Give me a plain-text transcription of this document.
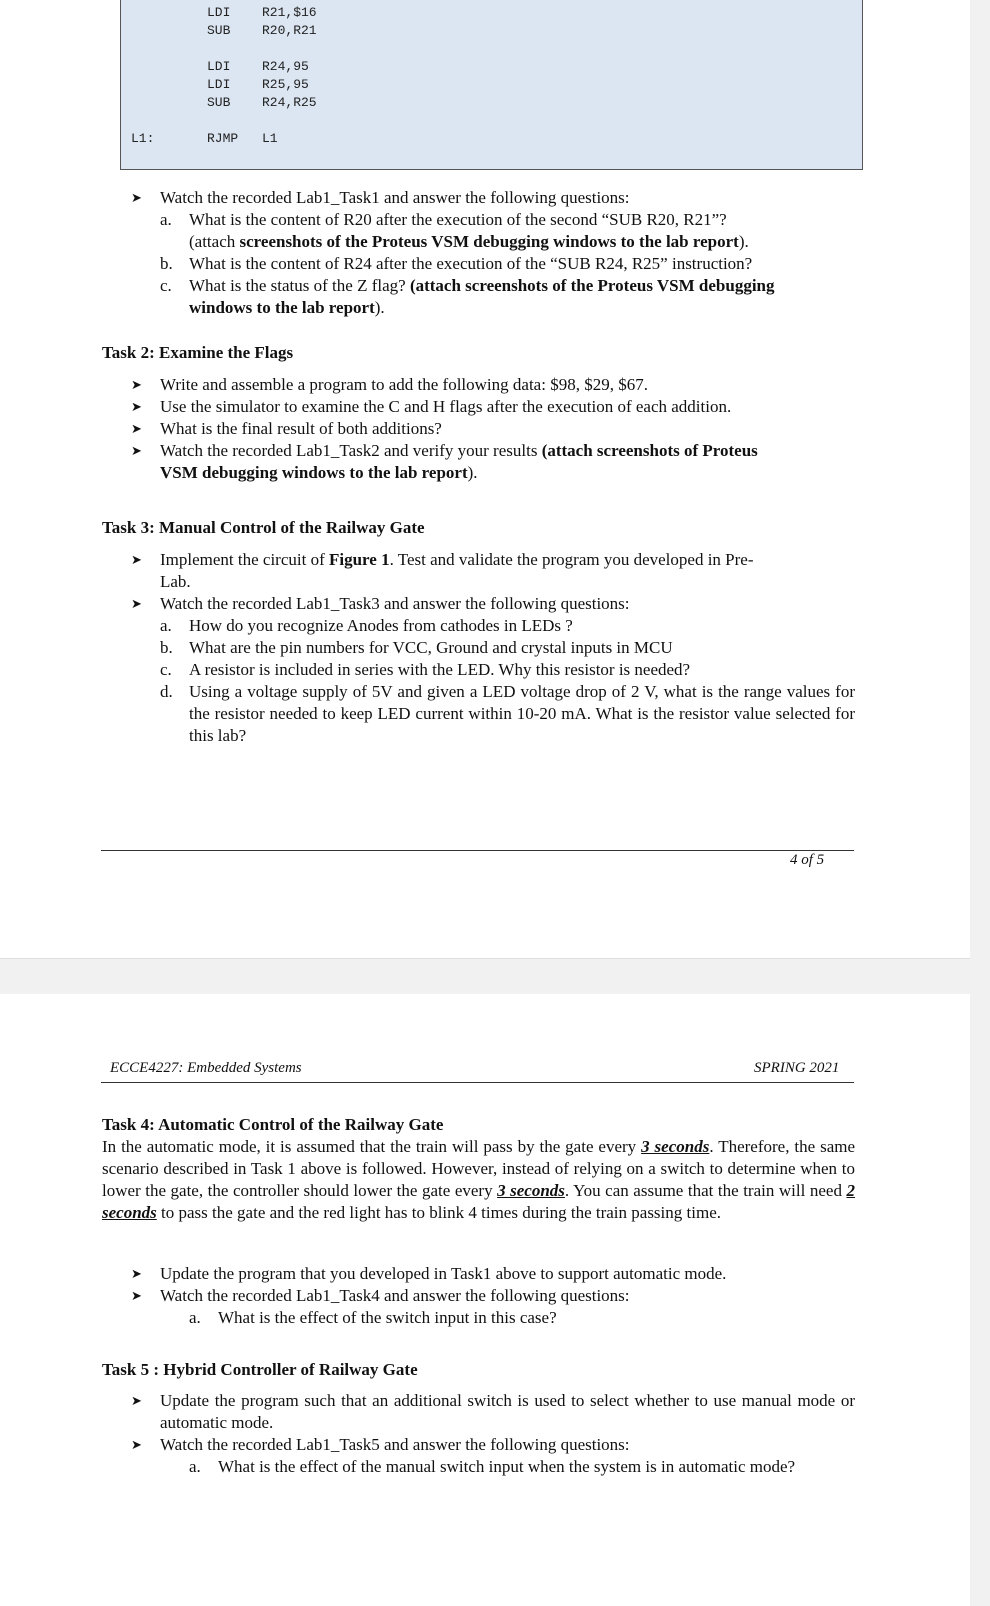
LDI R21,$16
SUB R20,R21
LDI R24,95
LDI R25,95
SUB R24,R25
L1:	RJMP L1
➤ Watch the recorded Lab1_Task1 and answer the following questions:
a. What is the content of R20 after the execution of the second “SUB R20, R21”?
(attach screenshots of the Proteus VSM debugging windows to the lab report).
b. What is the content of R24 after the execution of the “SUB R24, R25” instruction?
c. What is the status of the Z flag? (attach screenshots of the Proteus VSM debugging
windows to the lab report).
Task 2: Examine the Flags
➤ Write and assemble a program to add the following data: $98, $29, $67.
➤ Use the simulator to examine the C and H flags after the execution of each addition.
➤ What is the final result of both additions?
➤ Watch the recorded Lab1_Task2 and verify your results (attach screenshots of Proteus
VSM debugging windows to the lab report).
Task 3: Manual Control of the Railway Gate
➤ Implement the circuit of Figure 1. Test and validate the program you developed in Pre-
Lab.
➤ Watch the recorded Lab1_Task3 and answer the following questions:
a. How do you recognize Anodes from cathodes in LEDs ?
b. What are the pin numbers for VCC, Ground and crystal inputs in MCU
c. A resistor is included in series with the LED. Why this resistor is needed?
d. Using a voltage supply of 5V and given a LED voltage drop of 2 V, what is the range values for the resistor needed to keep LED current within 10-20 mA. What is the resistor value selected for this lab?
4 of 5
ECCE4227: Embedded Systems	SPRING 2021
Task 4: Automatic Control of the Railway Gate
In the automatic mode, it is assumed that the train will pass by the gate every 3 seconds. Therefore, the same scenario described in Task 1 above is followed. However, instead of relying on a switch to determine when to lower the gate, the controller should lower the gate every 3 seconds. You can assume that the train will need 2 seconds to pass the gate and the red light has to blink 4 times during the train passing time.
➤ Update the program that you developed in Task1 above to support automatic mode.
➤ Watch the recorded Lab1_Task4 and answer the following questions:
a. What is the effect of the switch input in this case?
Task 5 : Hybrid Controller of Railway Gate
➤ Update the program such that an additional switch is used to select whether to use manual mode or automatic mode.
➤ Watch the recorded Lab1_Task5 and answer the following questions:
a. What is the effect of the manual switch input when the system is in automatic mode?
